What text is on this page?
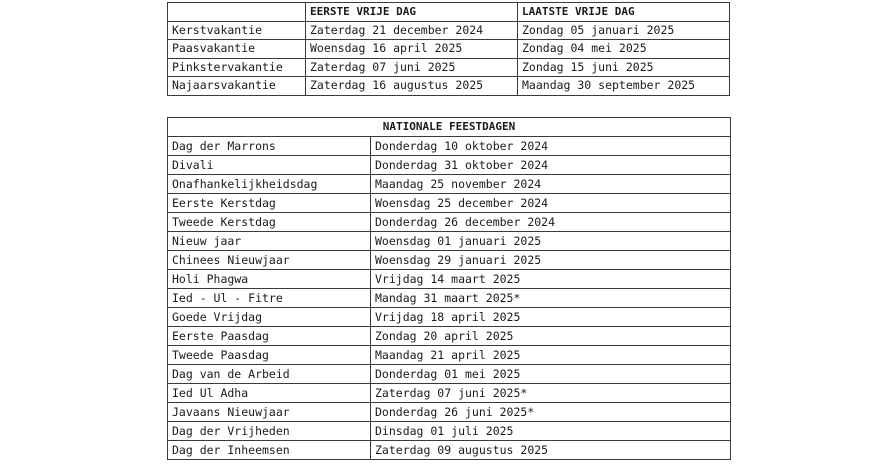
	EERSTE VRIJE DAG	LAATSTE VRIJE DAG
Kerstvakantie	Zaterdag 21 december 2024	Zondag 05 januari 2025
Paasvakantie	Woensdag 16 april 2025	Zondag 04 mei 2025
Pinkstervakantie	Zaterdag 07 juni 2025	Zondag 15 juni 2025
Najaarsvakantie	Zaterdag 16 augustus 2025	Maandag 30 september 2025
NATIONALE FEESTDAGEN	
Dag der Marrons	Donderdag 10 oktober 2024
Divali	Donderdag 31 oktober 2024
Onafhankelijkheidsdag	Maandag 25 november 2024
Eerste Kerstdag	Woensdag 25 december 2024
Tweede Kerstdag	Donderdag 26 december 2024
Nieuw jaar	Woensdag 01 januari 2025
Chinees Nieuwjaar	Woensdag 29 januari 2025
Holi Phagwa	Vrijdag 14 maart 2025
Ied - Ul - Fitre	Mandag 31 maart 2025*
Goede Vrijdag	Vrijdag 18 april 2025
Eerste Paasdag	Zondag 20 april 2025
Tweede Paasdag	Maandag 21 april 2025
Dag van de Arbeid	Donderdag 01 mei 2025
Ied Ul Adha	Zaterdag 07 juni 2025*
Javaans Nieuwjaar	Donderdag 26 juni 2025*
Dag der Vrijheden	Dinsdag 01 juli 2025
Dag der Inheemsen	Zaterdag 09 augustus 2025
